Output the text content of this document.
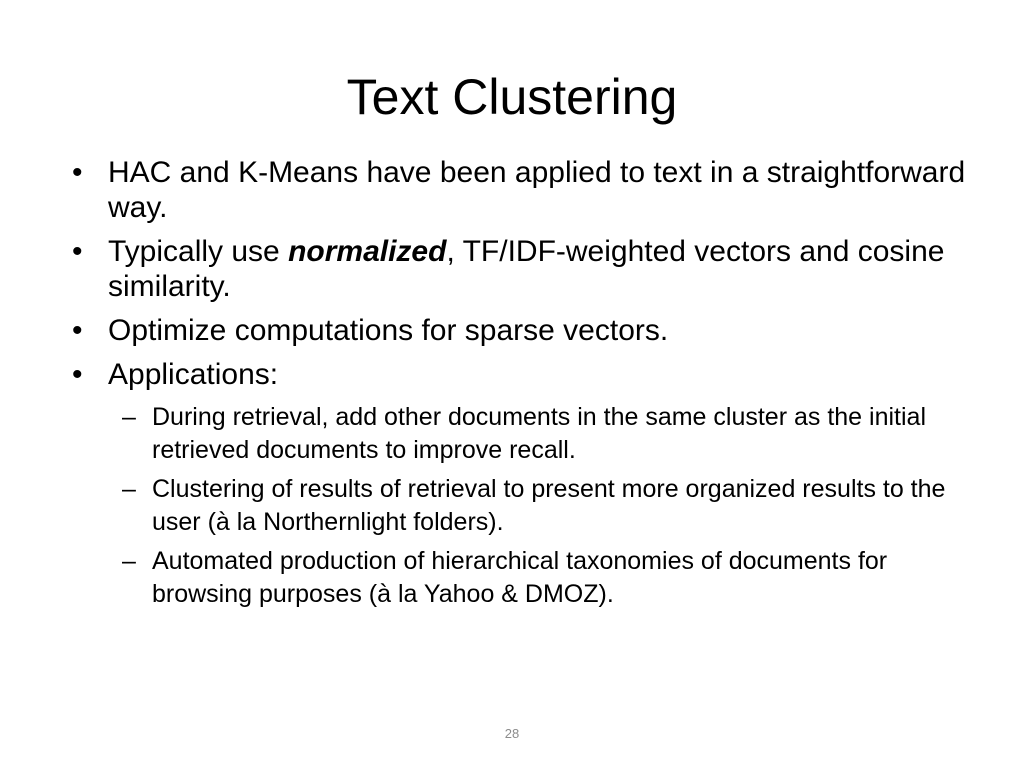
Text Clustering
• HAC and K-Means have been applied to text in a straightforward way.
• Typically use normalized, TF/IDF-weighted vectors and cosine similarity.
• Optimize computations for sparse vectors.
• Applications:
– During retrieval, add other documents in the same cluster as the initial retrieved documents to improve recall.
– Clustering of results of retrieval to present more organized results to the user (à la Northernlight folders).
– Automated production of hierarchical taxonomies of documents for browsing purposes (à la Yahoo & DMOZ).
28
